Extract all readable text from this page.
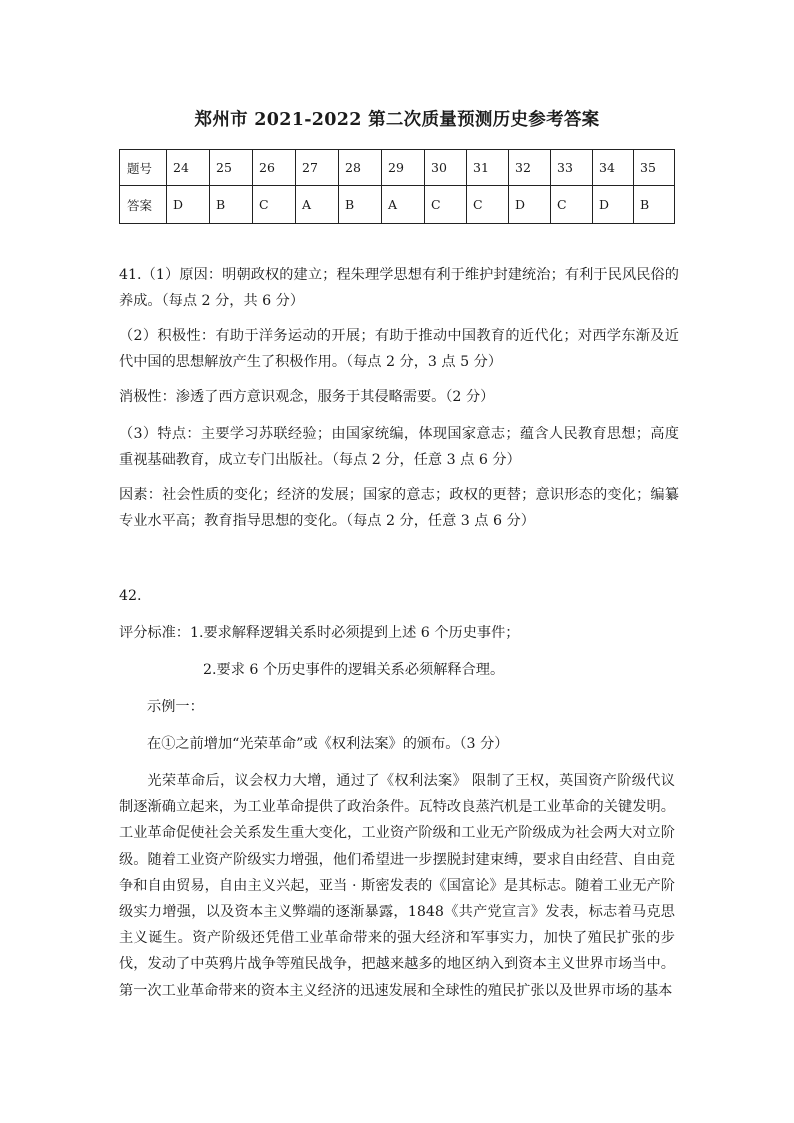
郑州市 2021-2022 第二次质量预测历史参考答案
题号	24	25	26	27	28	29	30	31	32	33	34	35
答案	D	B	C	A	B	A	C	C	D	C	D	B
41.（1）原因：明朝政权的建立；程朱理学思想有利于维护封建统治；有利于民风民俗的养成。（每点 2 分，共 6 分）
（2）积极性：有助于洋务运动的开展；有助于推动中国教育的近代化；对西学东渐及近代中国的思想解放产生了积极作用。（每点 2 分，3 点 5 分）
消极性：渗透了西方意识观念，服务于其侵略需要。（2 分）
（3）特点：主要学习苏联经验；由国家统编，体现国家意志；蕴含人民教育思想；高度重视基础教育，成立专门出版社。（每点 2 分，任意 3 点 6 分）
因素：社会性质的变化；经济的发展；国家的意志；政权的更替；意识形态的变化；编纂专业水平高；教育指导思想的变化。（每点 2 分，任意 3 点 6 分）
42.
评分标准：1.要求解释逻辑关系时必须提到上述 6 个历史事件；
2.要求 6 个历史事件的逻辑关系必须解释合理。
示例一：
在①之前增加“光荣革命”或《权利法案》的颁布。（3 分）
光荣革命后，议会权力大增，通过了《权利法案》 限制了王权，英国资产阶级代议制逐渐确立起来，为工业革命提供了政治条件。瓦特改良蒸汽机是工业革命的关键发明。工业革命促使社会关系发生重大变化，工业资产阶级和工业无产阶级成为社会两大对立阶级。随着工业资产阶级实力增强，他们希望进一步摆脱封建束缚，要求自由经营、自由竞争和自由贸易，自由主义兴起，亚当 · 斯密发表的《国富论》是其标志。随着工业无产阶级实力增强，以及资本主义弊端的逐渐暴露，1848《共产党宣言》发表，标志着马克思主义诞生。资产阶级还凭借工业革命带来的强大经济和军事实力，加快了殖民扩张的步伐，发动了中英鸦片战争等殖民战争，把越来越多的地区纳入到资本主义世界市场当中。第一次工业革命带来的资本主义经济的迅速发展和全球性的殖民扩张以及世界市场的基本
